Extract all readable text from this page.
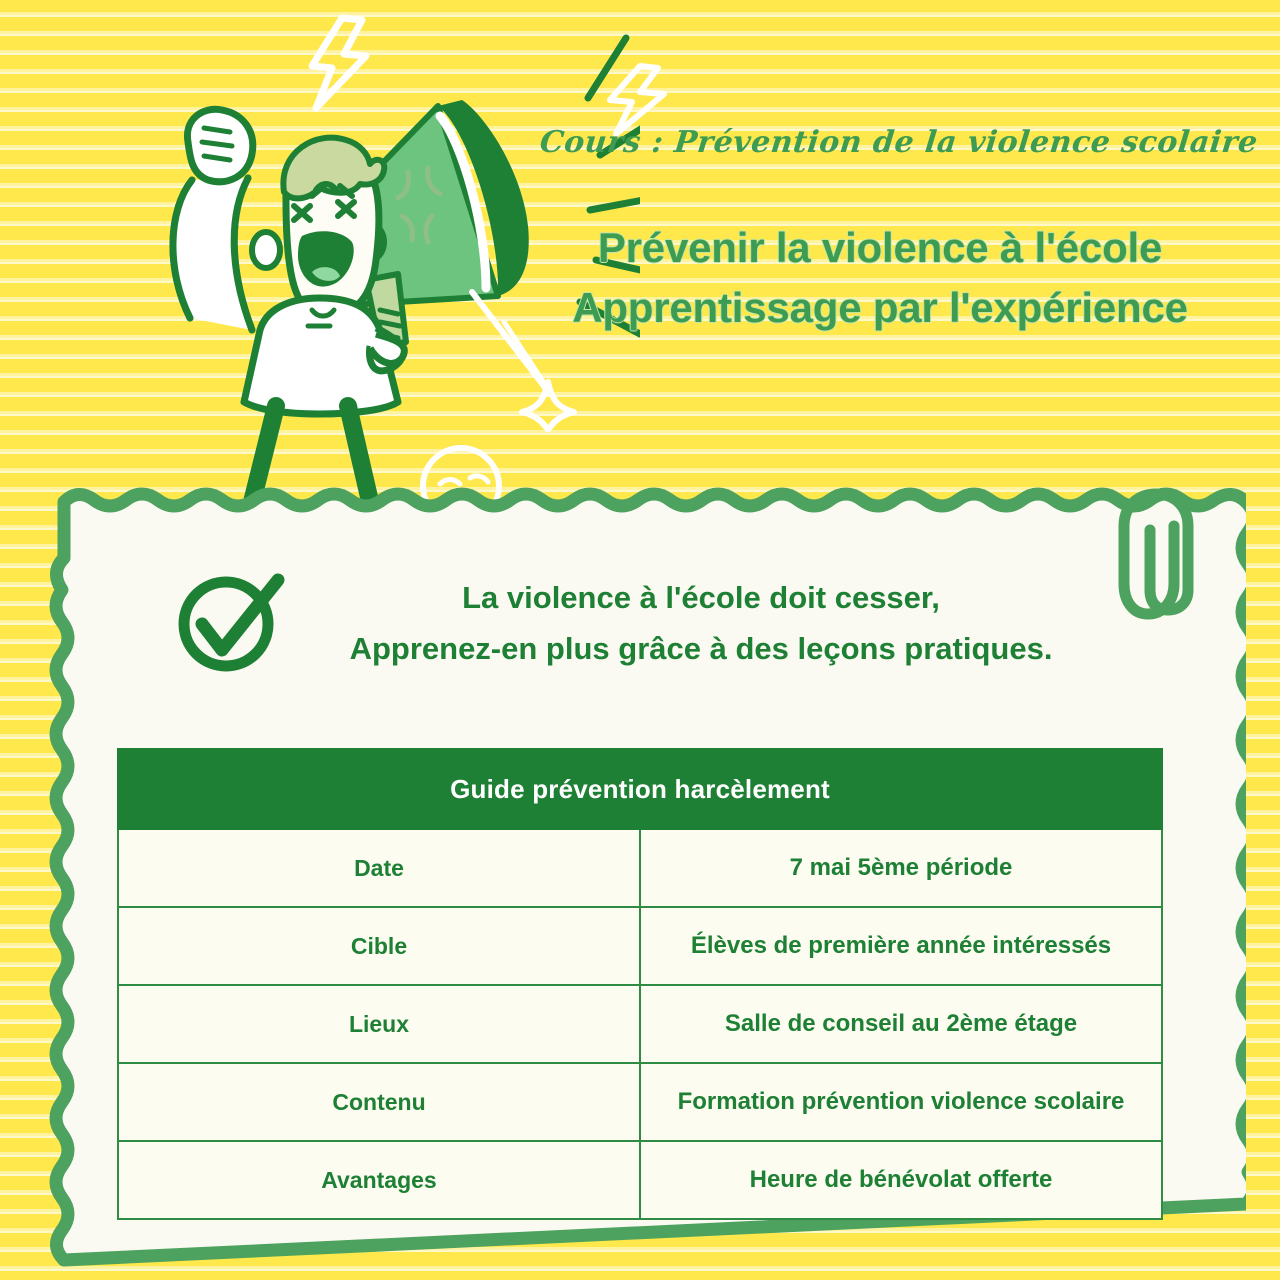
Cours : Prévention de la violence scolaire
Prévenir la violence à l'école
Apprentissage par l'expérience
La violence à l'école doit cesser,
Apprenez-en plus grâce à des leçons pratiques.
Guide prévention harcèlement	
Date	7 mai 5ème période
Cible	Élèves de première année intéressés
Lieux	Salle de conseil au 2ème étage
Contenu	Formation prévention violence scolaire
Avantages	Heure de bénévolat offerte
